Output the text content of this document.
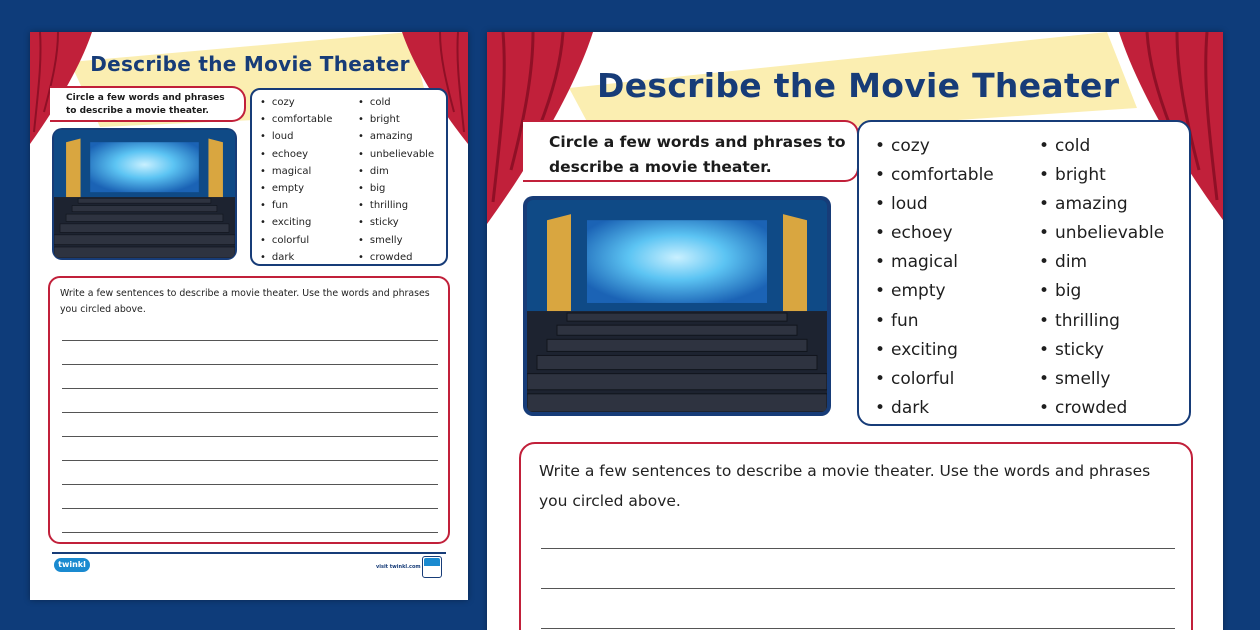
Describe the Movie Theater
Circle a few words and phrases to describe a movie theater.
• cozy
• comfortable
• loud
• echoey
• magical
• empty
• fun
• exciting
• colorful
• dark
• cold
• bright
• amazing
• unbelievable
• dim
• big
• thrilling
• sticky
• smelly
• crowded
Write a few sentences to describe a movie theater. Use the words and phrases you circled above.
twinkl	visit twinkl.com
Describe the Movie Theater
Circle a few words and phrases to describe a movie theater.
• cozy
• comfortable
• loud
• echoey
• magical
• empty
• fun
• exciting
• colorful
• dark
• cold
• bright
• amazing
• unbelievable
• dim
• big
• thrilling
• sticky
• smelly
• crowded
Write a few sentences to describe a movie theater. Use the words and phrases
you circled above.
